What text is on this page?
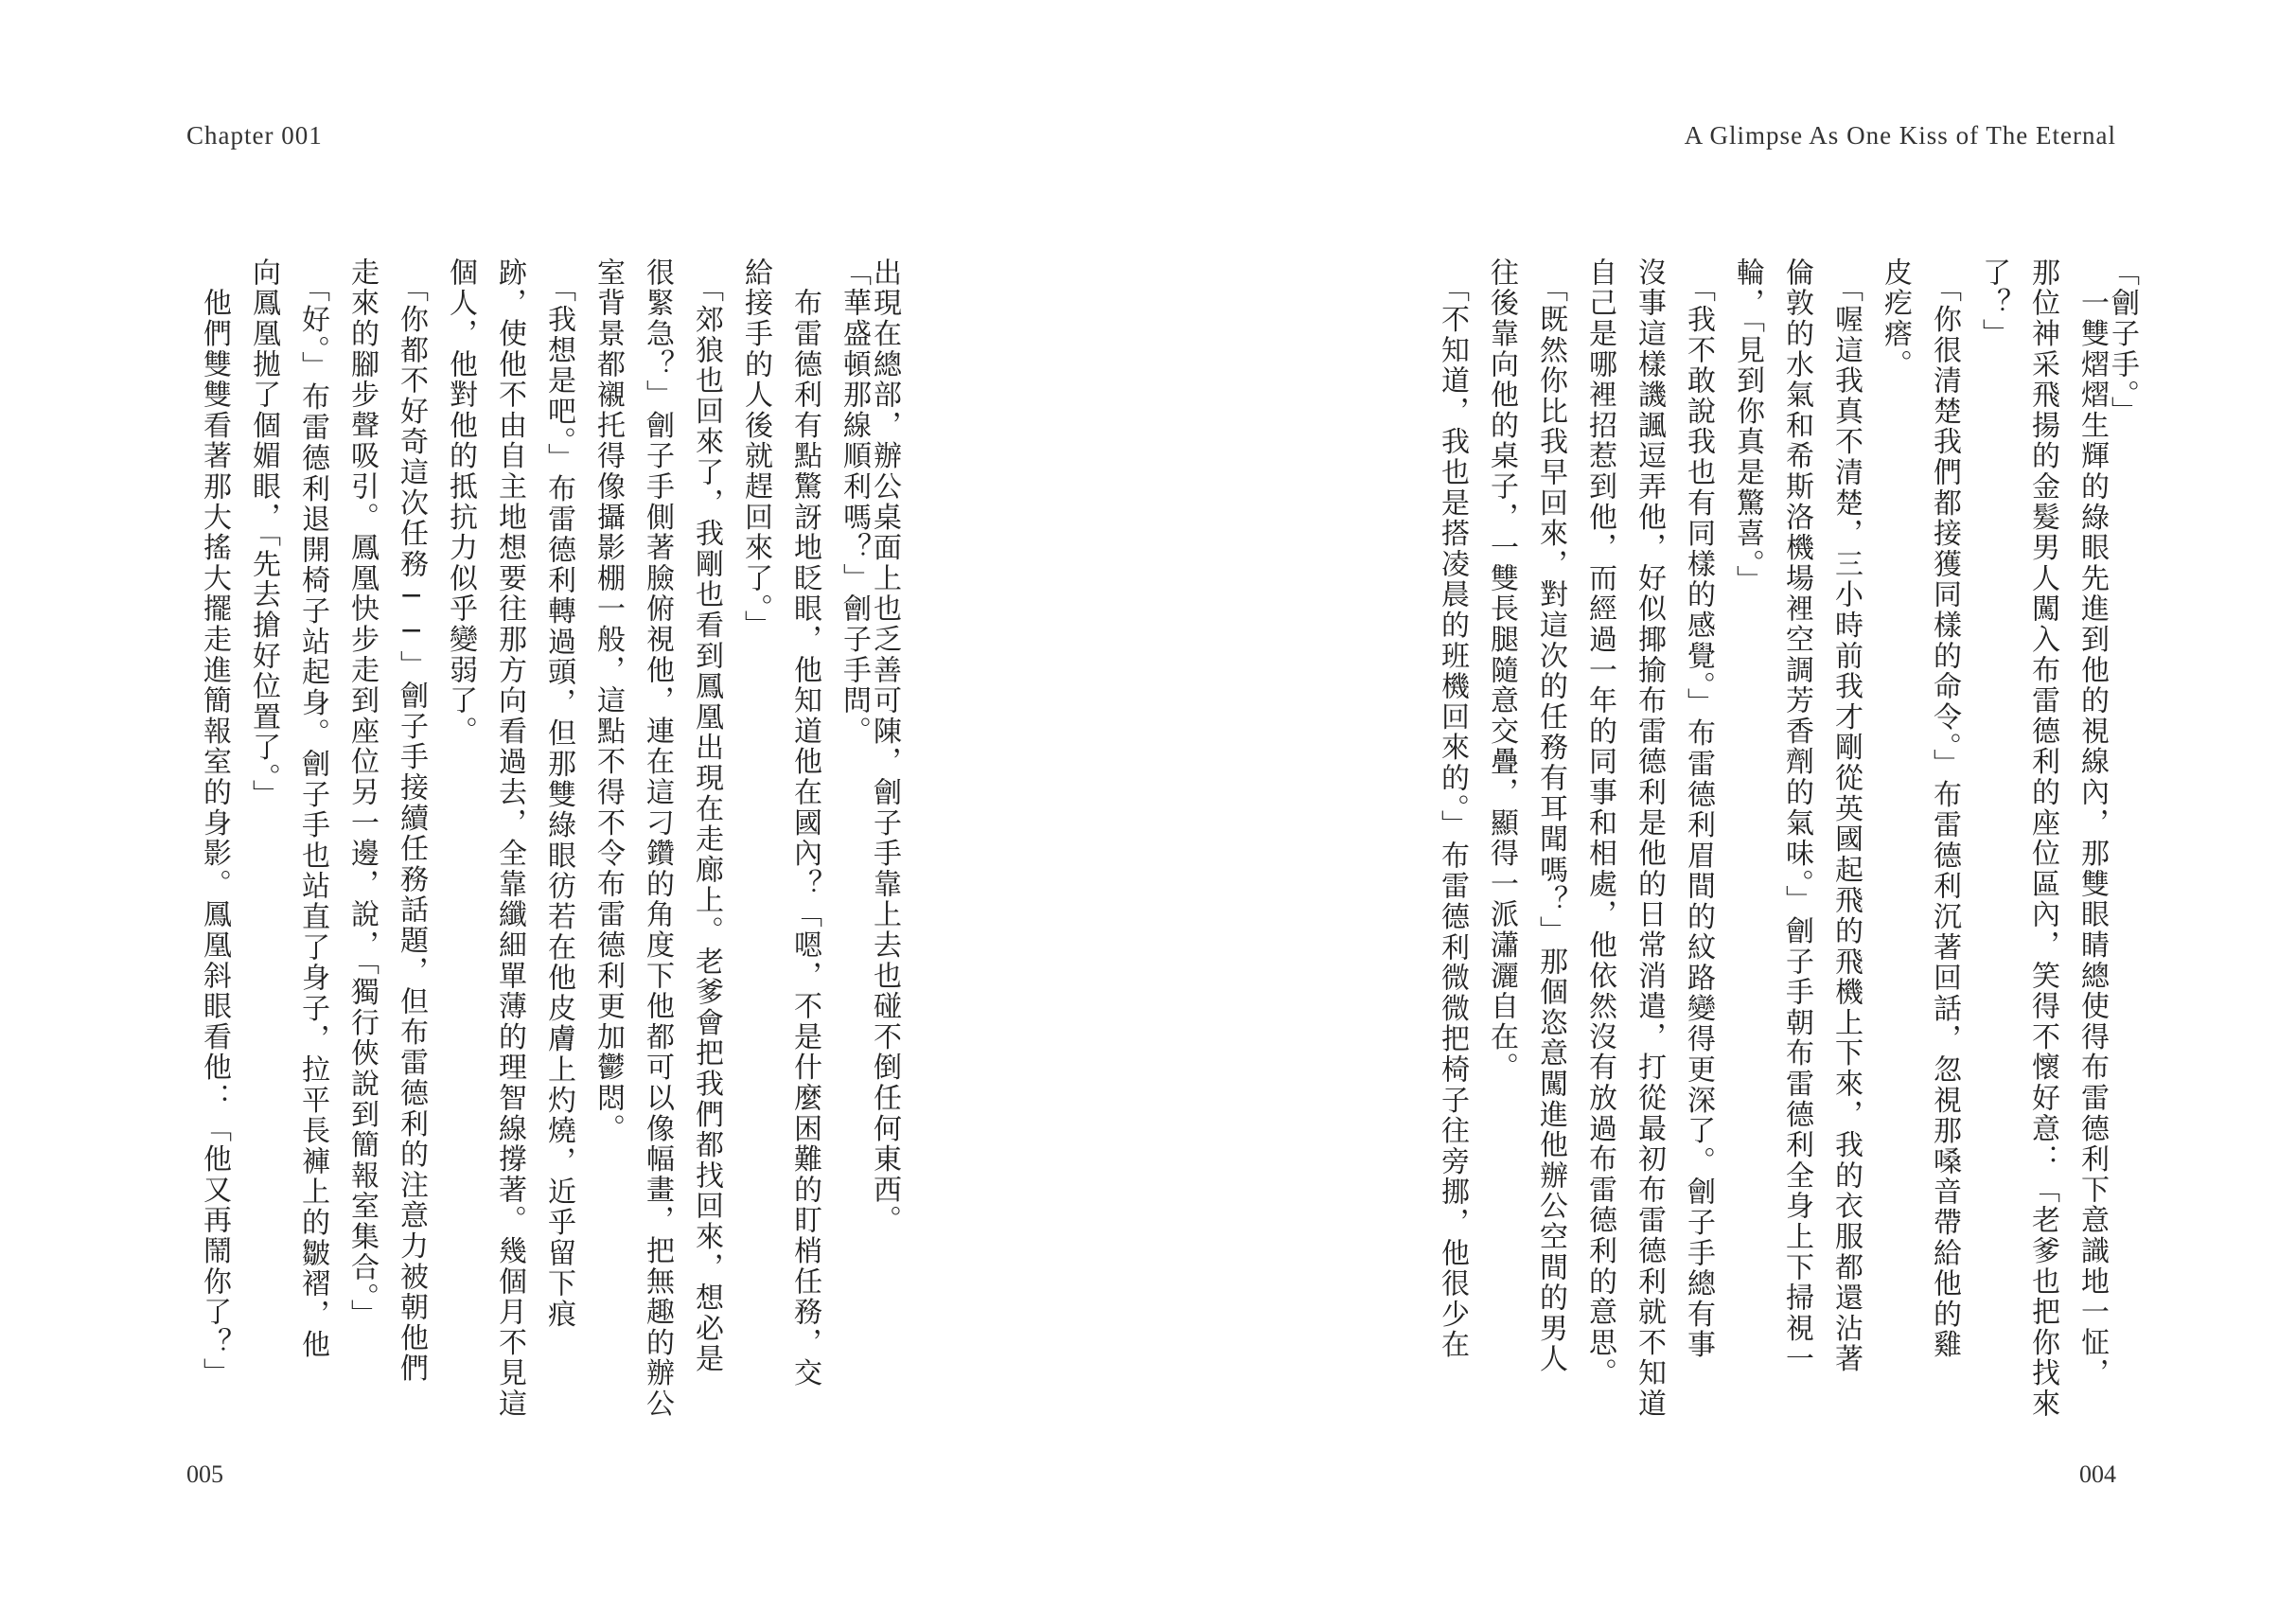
Chapter 001
出現在總部，辦公桌面上也乏善可陳，劊子手靠上去也碰不倒任何東西。
「華盛頓那線順利嗎？」劊子手問。
　布雷德利有點驚訝地眨眼，他知道他在國內？「嗯，不是什麼困難的盯梢任務，交
給接手的人後就趕回來了。」
　「郊狼也回來了，我剛也看到鳳凰出現在走廊上。老爹會把我們都找回來，想必是
很緊急？」劊子手側著臉俯視他，連在這刁鑽的角度下他都可以像幅畫，把無趣的辦公
室背景都襯托得像攝影棚一般，這點不得不令布雷德利更加鬱悶。
　「我想是吧。」布雷德利轉過頭，但那雙綠眼彷若在他皮膚上灼燒，近乎留下痕
跡，使他不由自主地想要往那方向看過去，全靠纖細單薄的理智線撐著。幾個月不見這
個人，他對他的抵抗力似乎變弱了。
　「你都不好奇這次任務──」劊子手接續任務話題，但布雷德利的注意力被朝他們
走來的腳步聲吸引。鳳凰快步走到座位另一邊，說，「獨行俠說到簡報室集合。」
　「好。」布雷德利退開椅子站起身。劊子手也站直了身子，拉平長褲上的皺褶，他
向鳳凰拋了個媚眼，「先去搶好位置了。」
　他們雙雙看著那大搖大擺走進簡報室的身影。鳳凰斜眼看他：「他又再鬧你了？」
005
A Glimpse As One Kiss of The Eternal
「劊子手。」
　一雙熠熠生輝的綠眼先進到他的視線內，那雙眼睛總使得布雷德利下意識地一怔，
那位神采飛揚的金髮男人闖入布雷德利的座位區內，笑得不懷好意：「老爹也把你找來
了？」
　「你很清楚我們都接獲同樣的命令。」布雷德利沉著回話，忽視那嗓音帶給他的雞
皮疙瘩。
　「喔這我真不清楚，三小時前我才剛從英國起飛的飛機上下來，我的衣服都還沾著
倫敦的水氣和希斯洛機場裡空調芳香劑的氣味。」劊子手朝布雷德利全身上下掃視一
輪，「見到你真是驚喜。」
　「我不敢說我也有同樣的感覺。」布雷德利眉間的紋路變得更深了。劊子手總有事
沒事這樣譏諷逗弄他，好似揶揄布雷德利是他的日常消遣，打從最初布雷德利就不知道
自己是哪裡招惹到他，而經過一年的同事和相處，他依然沒有放過布雷德利的意思。
　「既然你比我早回來，對這次的任務有耳聞嗎？」那個恣意闖進他辦公空間的男人
往後靠向他的桌子，一雙長腿隨意交疊，顯得一派瀟灑自在。
　「不知道，我也是搭凌晨的班機回來的。」布雷德利微微把椅子往旁挪，他很少在
004
